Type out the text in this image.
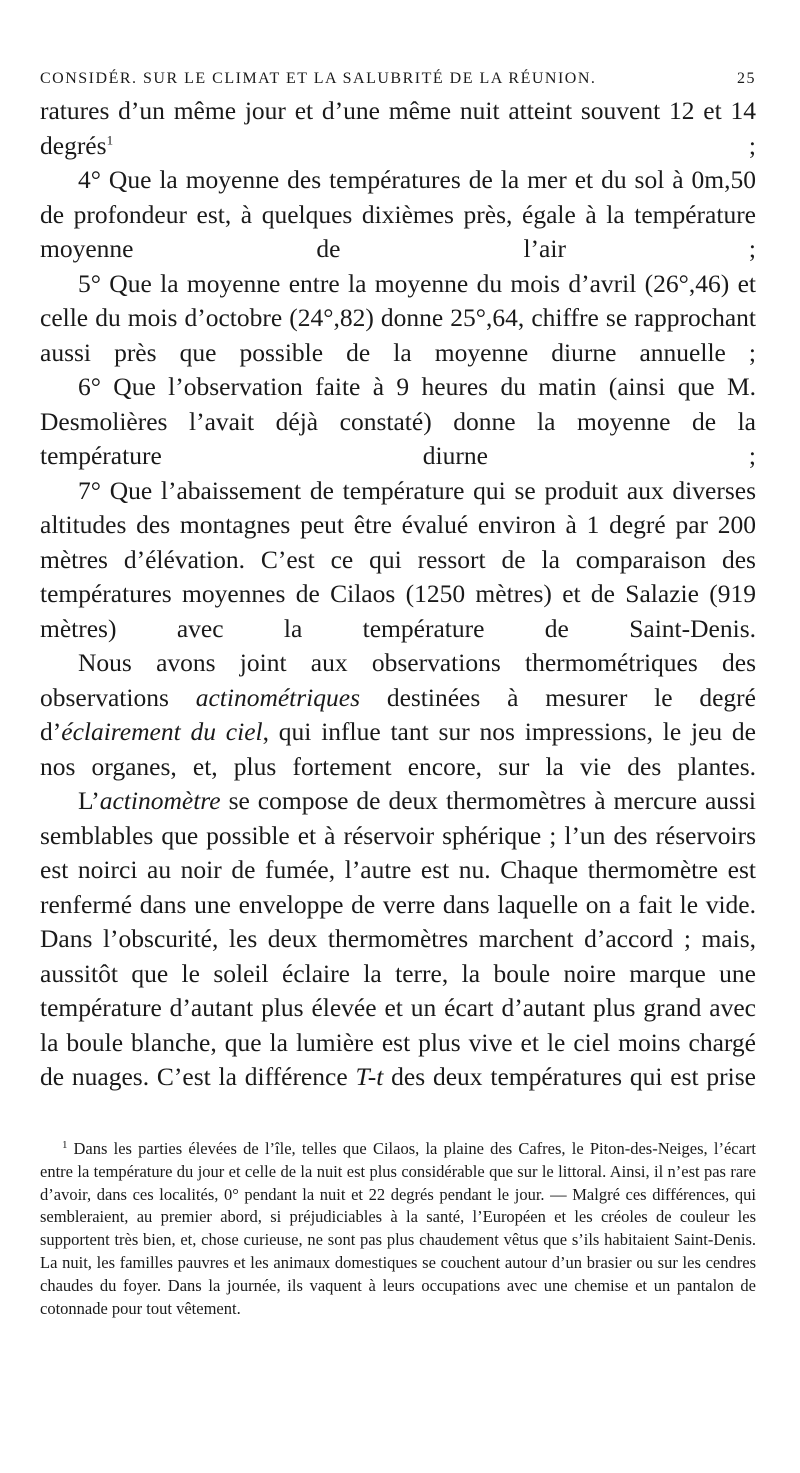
CONSIDÉR. SUR LE CLIMAT ET LA SALUBRITÉ DE LA RÉUNION.	25

ratures d’un même jour et d’une même nuit atteint souvent 12 et 14 degrés$^1$ ;

4° Que la moyenne des températures de la mer et du sol à 0m,50 de profondeur est, à quelques dixièmes près, égale à la température moyenne de l’air ;

5° Que la moyenne entre la moyenne du mois d’avril (26°,46) et celle du mois d’octobre (24°,82) donne 25°,64, chiffre se rapprochant aussi près que possible de la moyenne diurne annuelle ;

6° Que l’observation faite à 9 heures du matin (ainsi que M. Desmolières l’avait déjà constaté) donne la moyenne de la température diurne ;

7° Que l’abaissement de température qui se produit aux diverses altitudes des montagnes peut être évalué environ à 1 degré par 200 mètres d’élévation. C’est ce qui ressort de la comparaison des températures moyennes de Cilaos (1250 mètres) et de Salazie (919 mètres) avec la température de Saint-Denis.

Nous avons joint aux observations thermométriques des observations actinométriques destinées à mesurer le degré d’éclairement du ciel, qui influe tant sur nos impressions, le jeu de nos organes, et, plus fortement encore, sur la vie des plantes.

L’actinomètre se compose de deux thermomètres à mercure aussi semblables que possible et à réservoir sphérique ; l’un des réservoirs est noirci au noir de fumée, l’autre est nu. Chaque thermomètre est renfermé dans une enveloppe de verre dans laquelle on a fait le vide. Dans l’obscurité, les deux thermomètres marchent d’accord ; mais, aussitôt que le soleil éclaire la terre, la boule noire marque une température d’autant plus élevée et un écart d’autant plus grand avec la boule blanche, que la lumière est plus vive et le ciel moins chargé de nuages. C’est la différence T-t des deux températures qui est prise

$^1$ Dans les parties élevées de l’île, telles que Cilaos, la plaine des Cafres, le Piton-des-Neiges, l’écart entre la température du jour et celle de la nuit est plus considérable que sur le littoral. Ainsi, il n’est pas rare d’avoir, dans ces localités, 0° pendant la nuit et 22 degrés pendant le jour. — Malgré ces différences, qui sembleraient, au premier abord, si préjudiciables à la santé, l’Européen et les créoles de couleur les supportent très bien, et, chose curieuse, ne sont pas plus chaudement vêtus que s’ils habitaient Saint-Denis. La nuit, les familles pauvres et les animaux domestiques se couchent autour d’un brasier ou sur les cendres chaudes du foyer. Dans la journée, ils vaquent à leurs occupations avec une chemise et un pantalon de cotonnade pour tout vêtement.
